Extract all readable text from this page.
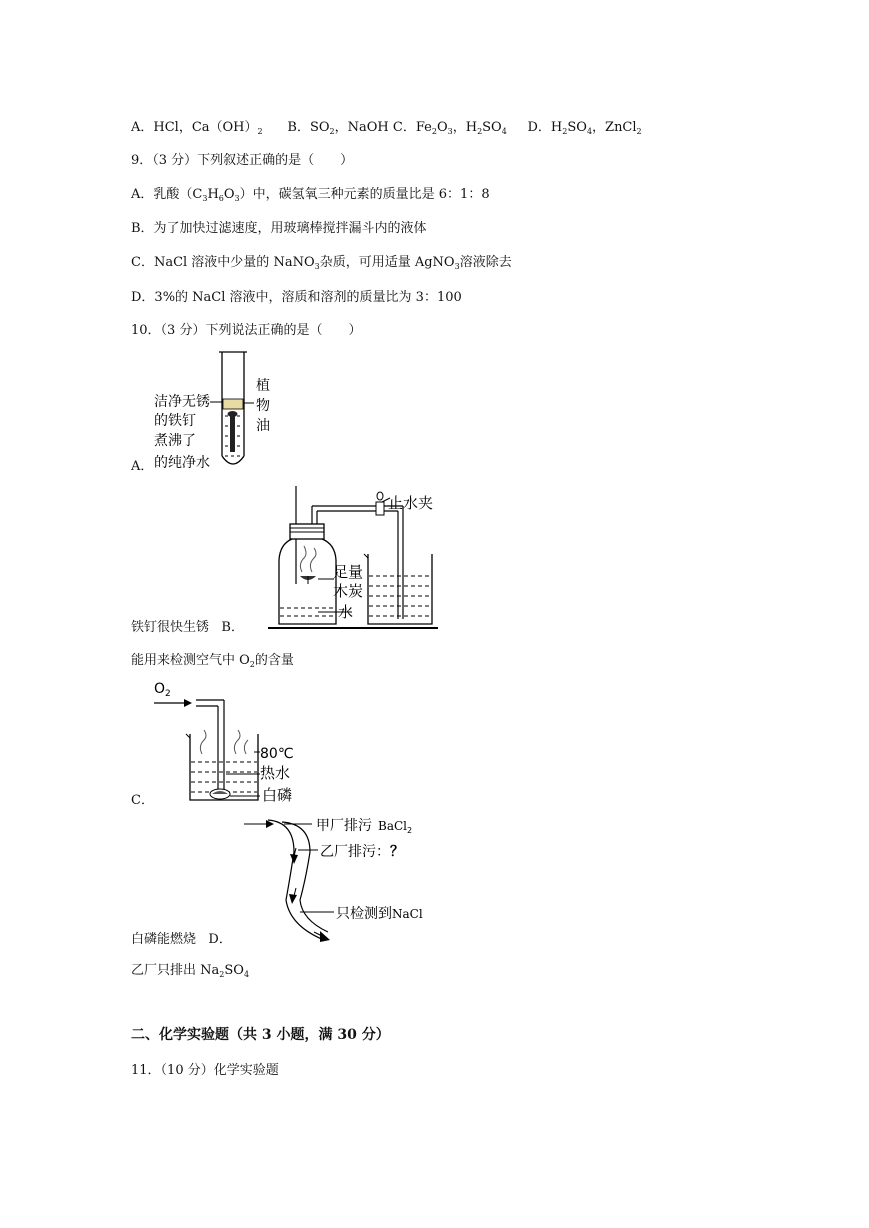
A．HCl，$Ca(OH)_2$ B．$SO_2$，NaOH C．$Fe_2O_3$，$H_2SO_4$ D．$H_2SO_4$，ZnCl$_2$
9．（3 分）下列叙述正确的是（　　）
A．乳酸$(C_3H_6O_3)$中，碳氢氧三种元素的质量比是 6：1：8
B．为了加快过滤速度，用玻璃棒搅拌漏斗内的液体
C．NaCl 溶液中少量的 NaNO$_3$杂质，可用适量 AgNO$_3$溶液除去
D．3%的 NaCl 溶液中，溶质和溶剂的质量比为 3：100
10．（3 分）下列说法正确的是（　　）
洁净无锈
的铁钉
煮沸了
的纯净水
植
物
油
A．
止水夹
足量
木炭
水
铁钉很快生锈 B．
能用来检测空气中 $O_2$的含量
$O_2$
80℃
热水
白磷
C．
甲厂排污 BaCl$_2$
乙厂排污：？
只检测到NaCl
白磷能燃烧 D．
乙厂只排出 $Na_2SO_4$
二、化学实验题（共 3 小题，满 30 分）
11．（10 分）化学实验题
